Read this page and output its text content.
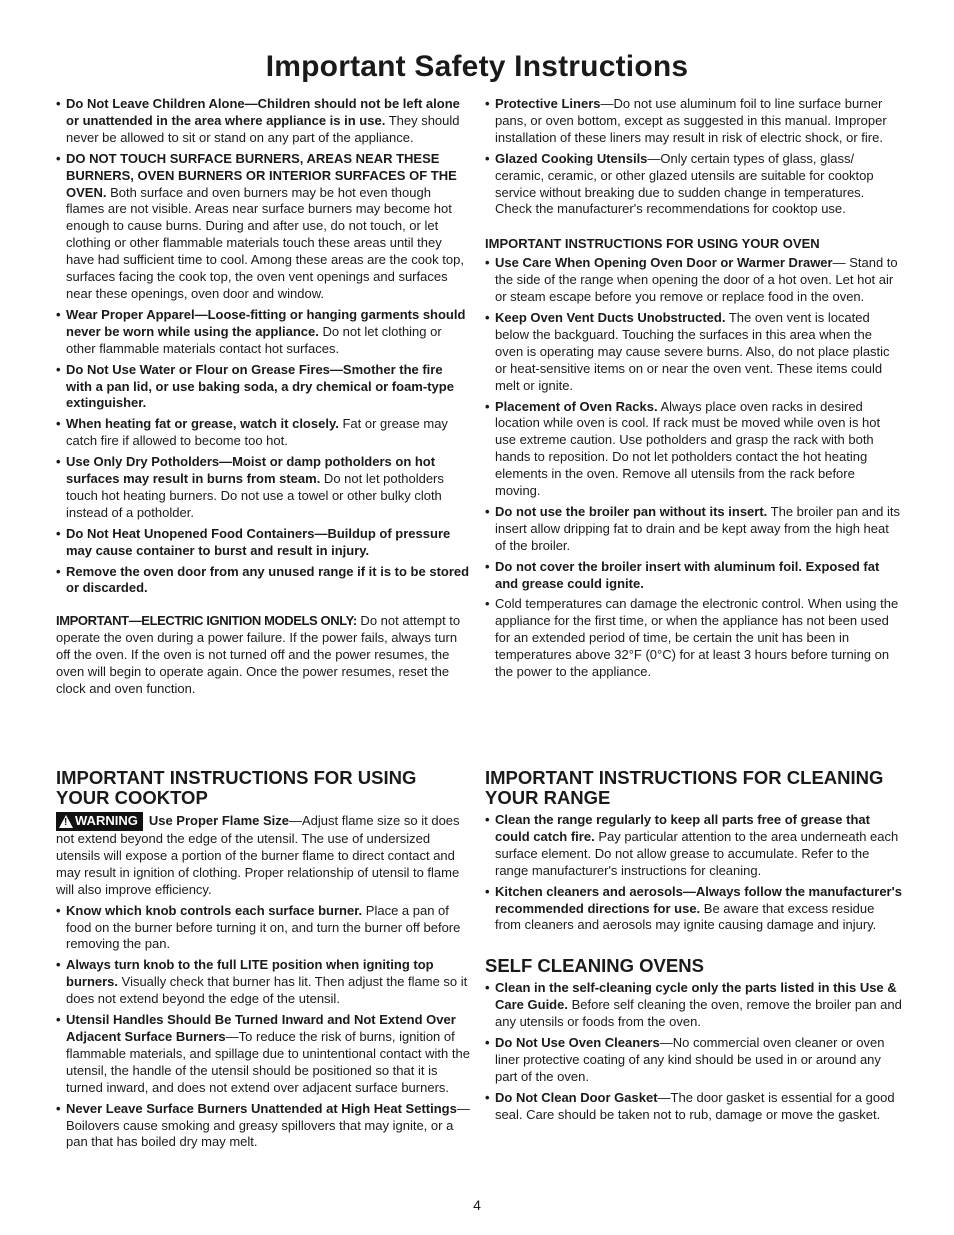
Important Safety Instructions
• Do Not Leave Children Alone—Children should not be left alone or unattended in the area where appliance is in use. They should never be allowed to sit or stand on any part of the appliance.
• DO NOT TOUCH SURFACE BURNERS, AREAS NEAR THESE BURNERS, OVEN BURNERS OR INTERIOR SURFACES OF THE OVEN. Both surface and oven burners may be hot even though flames are not visible. Areas near surface burners may become hot enough to cause burns. During and after use, do not touch, or let clothing or other flammable materials touch these areas until they have had sufficient time to cool. Among these areas are the cook top, surfaces facing the cook top, the oven vent openings and surfaces near these openings, oven door and window.
• Wear Proper Apparel—Loose-fitting or hanging garments should never be worn while using the appliance. Do not let clothing or other flammable materials contact hot surfaces.
• Do Not Use Water or Flour on Grease Fires—Smother the fire with a pan lid, or use baking soda, a dry chemical or foam-type extinguisher.
• When heating fat or grease, watch it closely. Fat or grease may catch fire if allowed to become too hot.
• Use Only Dry Potholders—Moist or damp potholders on hot surfaces may result in burns from steam. Do not let potholders touch hot heating burners. Do not use a towel or other bulky cloth instead of a potholder.
• Do Not Heat Unopened Food Containers—Buildup of pressure may cause container to burst and result in injury.
• Remove the oven door from any unused range if it is to be stored or discarded.
IMPORTANT—ELECTRIC IGNITION MODELS ONLY: Do not attempt to operate the oven during a power failure. If the power fails, always turn off the oven. If the oven is not turned off and the power resumes, the oven will begin to operate again. Once the power resumes, reset the clock and oven function.
• Protective Liners—Do not use aluminum foil to line surface burner pans, or oven bottom, except as suggested in this manual. Improper installation of these liners may result in risk of electric shock, or fire.
• Glazed Cooking Utensils—Only certain types of glass, glass/ ceramic, ceramic, or other glazed utensils are suitable for cooktop service without breaking due to sudden change in temperatures. Check the manufacturer's recommendations for cooktop use.
IMPORTANT INSTRUCTIONS FOR USING YOUR OVEN
• Use Care When Opening Oven Door or Warmer Drawer— Stand to the side of the range when opening the door of a hot oven. Let hot air or steam escape before you remove or replace food in the oven.
• Keep Oven Vent Ducts Unobstructed. The oven vent is located below the backguard. Touching the surfaces in this area when the oven is operating may cause severe burns. Also, do not place plastic or heat-sensitive items on or near the oven vent. These items could melt or ignite.
• Placement of Oven Racks. Always place oven racks in desired location while oven is cool. If rack must be moved while oven is hot use extreme caution. Use potholders and grasp the rack with both hands to reposition. Do not let potholders contact the hot heating elements in the oven. Remove all utensils from the rack before moving.
• Do not use the broiler pan without its insert. The broiler pan and its insert allow dripping fat to drain and be kept away from the high heat of the broiler.
• Do not cover the broiler insert with aluminum foil. Exposed fat and grease could ignite.
• Cold temperatures can damage the electronic control. When using the appliance for the first time, or when the appliance has not been used for an extended period of time, be certain the unit has been in temperatures above 32°F (0°C) for at least 3 hours before turning on the power to the appliance.
IMPORTANT INSTRUCTIONS FOR USING YOUR COOKTOP
! WARNING Use Proper Flame Size—Adjust flame size so it does not extend beyond the edge of the utensil. The use of undersized utensils will expose a portion of the burner flame to direct contact and may result in ignition of clothing. Proper relationship of utensil to flame will also improve efficiency.
• Know which knob controls each surface burner. Place a pan of food on the burner before turning it on, and turn the burner off before removing the pan.
• Always turn knob to the full LITE position when igniting top burners. Visually check that burner has lit. Then adjust the flame so it does not extend beyond the edge of the utensil.
• Utensil Handles Should Be Turned Inward and Not Extend Over Adjacent Surface Burners—To reduce the risk of burns, ignition of flammable materials, and spillage due to unintentional contact with the utensil, the handle of the utensil should be positioned so that it is turned inward, and does not extend over adjacent surface burners.
• Never Leave Surface Burners Unattended at High Heat Settings—Boilovers cause smoking and greasy spillovers that may ignite, or a pan that has boiled dry may melt.
IMPORTANT INSTRUCTIONS FOR CLEANING YOUR RANGE
• Clean the range regularly to keep all parts free of grease that could catch fire. Pay particular attention to the area underneath each surface element. Do not allow grease to accumulate. Refer to the range manufacturer's instructions for cleaning.
• Kitchen cleaners and aerosols—Always follow the manufacturer's recommended directions for use. Be aware that excess residue from cleaners and aerosols may ignite causing damage and injury.
SELF CLEANING OVENS
• Clean in the self-cleaning cycle only the parts listed in this Use & Care Guide. Before self cleaning the oven, remove the broiler pan and any utensils or foods from the oven.
• Do Not Use Oven Cleaners—No commercial oven cleaner or oven liner protective coating of any kind should be used in or around any part of the oven.
• Do Not Clean Door Gasket—The door gasket is essential for a good seal. Care should be taken not to rub, damage or move the gasket.
4
